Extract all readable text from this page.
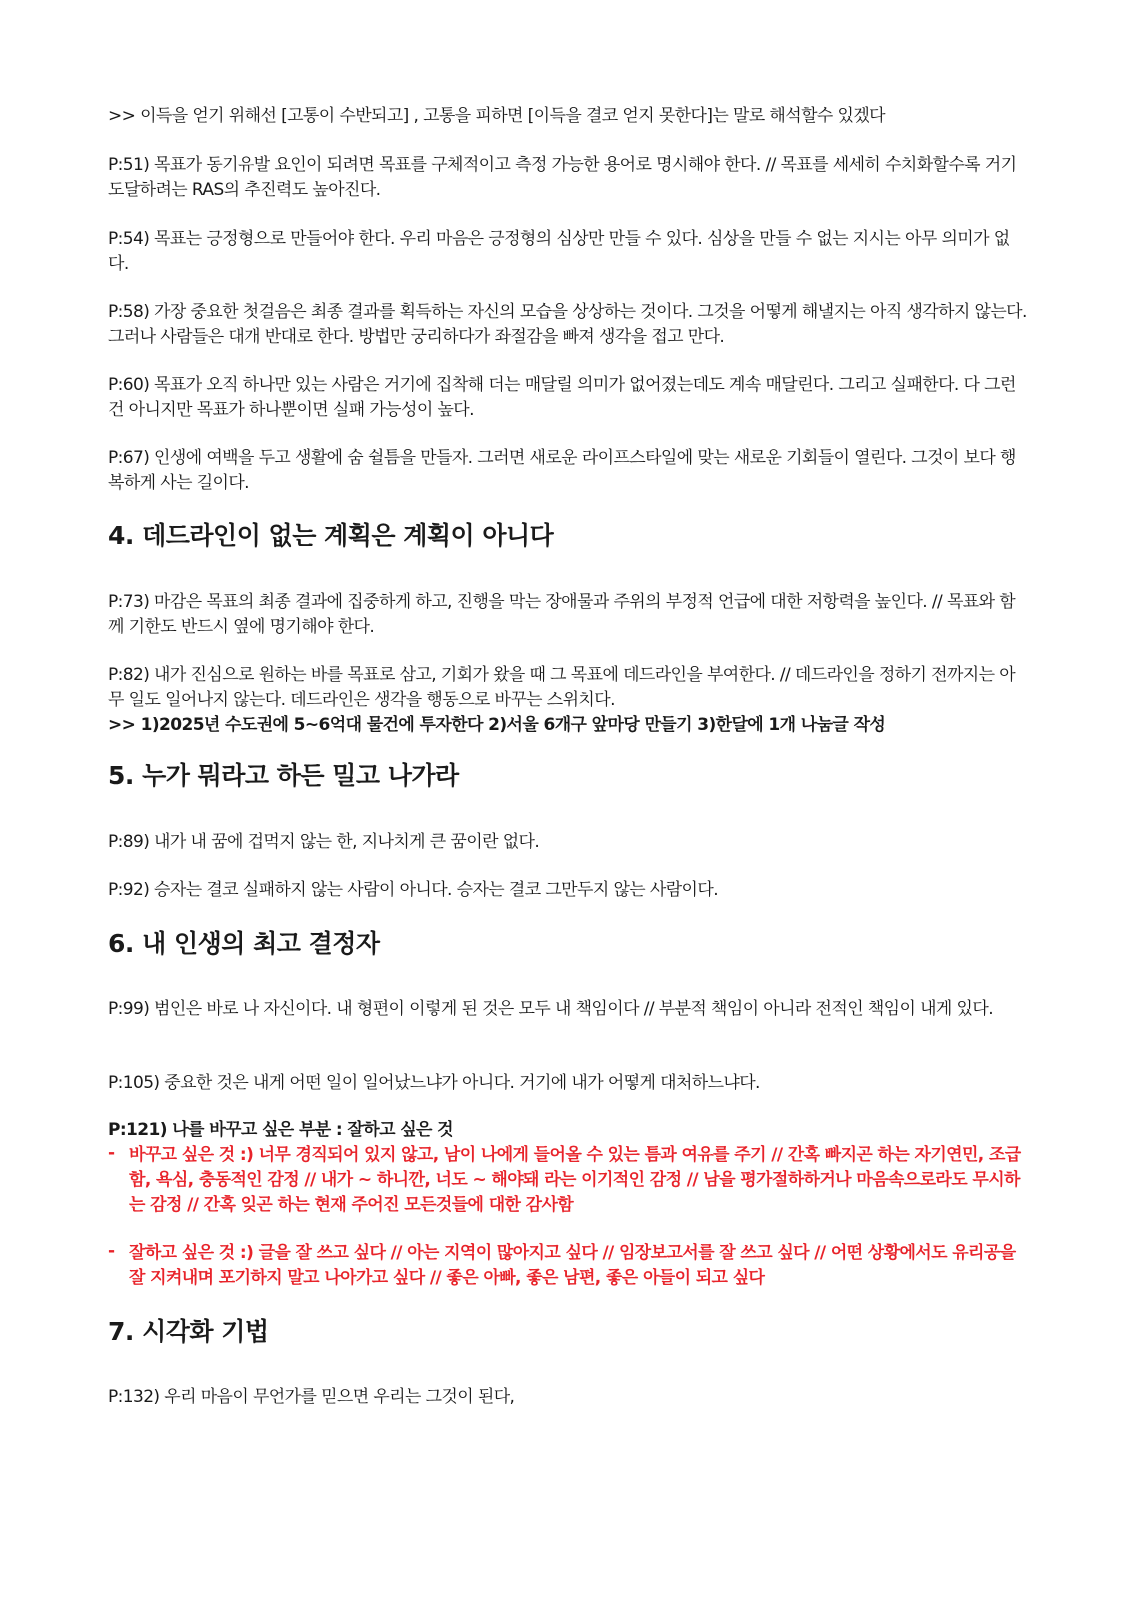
>> 이득을 얻기 위해선 [고통이 수반되고] , 고통을 피하면 [이득을 결코 얻지 못한다]는 말로 해석할수 있겠다

P:51) 목표가 동기유발 요인이 되려면 목표를 구체적이고 측정 가능한 용어로 명시해야 한다. // 목표를 세세히 수치화할수록 거기 도달하려는 RAS의 추진력도 높아진다.

P:54) 목표는 긍정형으로 만들어야 한다. 우리 마음은 긍정형의 심상만 만들 수 있다. 심상을 만들 수 없는 지시는 아무 의미가 없다.

P:58) 가장 중요한 첫걸음은 최종 결과를 획득하는 자신의 모습을 상상하는 것이다. 그것을 어떻게 해낼지는 아직 생각하지 않는다. 그러나 사람들은 대개 반대로 한다. 방법만 궁리하다가 좌절감을 빠져 생각을 접고 만다.

P:60) 목표가 오직 하나만 있는 사람은 거기에 집착해 더는 매달릴 의미가 없어졌는데도 계속 매달린다. 그리고 실패한다. 다 그런건 아니지만 목표가 하나뿐이면 실패 가능성이 높다.

P:67) 인생에 여백을 두고 생활에 숨 쉴틈을 만들자. 그러면 새로운 라이프스타일에 맞는 새로운 기회들이 열린다. 그것이 보다 행복하게 사는 길이다.

4. 데드라인이 없는 계획은 계획이 아니다

P:73) 마감은 목표의 최종 결과에 집중하게 하고, 진행을 막는 장애물과 주위의 부정적 언급에 대한 저항력을 높인다. // 목표와 함께 기한도 반드시 옆에 명기해야 한다.

P:82) 내가 진심으로 원하는 바를 목표로 삼고, 기회가 왔을 때 그 목표에 데드라인을 부여한다. // 데드라인을 정하기 전까지는 아무 일도 일어나지 않는다. 데드라인은 생각을 행동으로 바꾸는 스위치다.

>> 1)2025년 수도권에 5~6억대 물건에 투자한다 2)서울 6개구 앞마당 만들기 3)한달에 1개 나눔글 작성

5. 누가 뭐라고 하든 밀고 나가라

P:89) 내가 내 꿈에 겁먹지 않는 한, 지나치게 큰 꿈이란 없다.

P:92) 승자는 결코 실패하지 않는 사람이 아니다. 승자는 결코 그만두지 않는 사람이다.

6. 내 인생의 최고 결정자

P:99) 범인은 바로 나 자신이다. 내 형편이 이렇게 된 것은 모두 내 책임이다 // 부분적 책임이 아니라 전적인 책임이 내게 있다.

P:105) 중요한 것은 내게 어떤 일이 일어났느냐가 아니다. 거기에 내가 어떻게 대처하느냐다.

P:121) 나를 바꾸고 싶은 부분 : 잘하고 싶은 것

- 바꾸고 싶은 것 :) 너무 경직되어 있지 않고, 남이 나에게 들어올 수 있는 틈과 여유를 주기 // 간혹 빠지곤 하는 자기연민, 조급함, 욕심, 충동적인 감정 // 내가 ~ 하니깐, 너도 ~ 해야돼 라는 이기적인 감정 // 남을 평가절하하거나 마음속으로라도 무시하는 감정 // 간혹 잊곤 하는 현재 주어진 모든것들에 대한 감사함
- 잘하고 싶은 것 :) 글을 잘 쓰고 싶다 // 아는 지역이 많아지고 싶다 // 임장보고서를 잘 쓰고 싶다 // 어떤 상황에서도 유리공을 잘 지켜내며 포기하지 말고 나아가고 싶다 // 좋은 아빠, 좋은 남편, 좋은 아들이 되고 싶다
7. 시각화 기법

P:132) 우리 마음이 무언가를 믿으면 우리는 그것이 된다,
